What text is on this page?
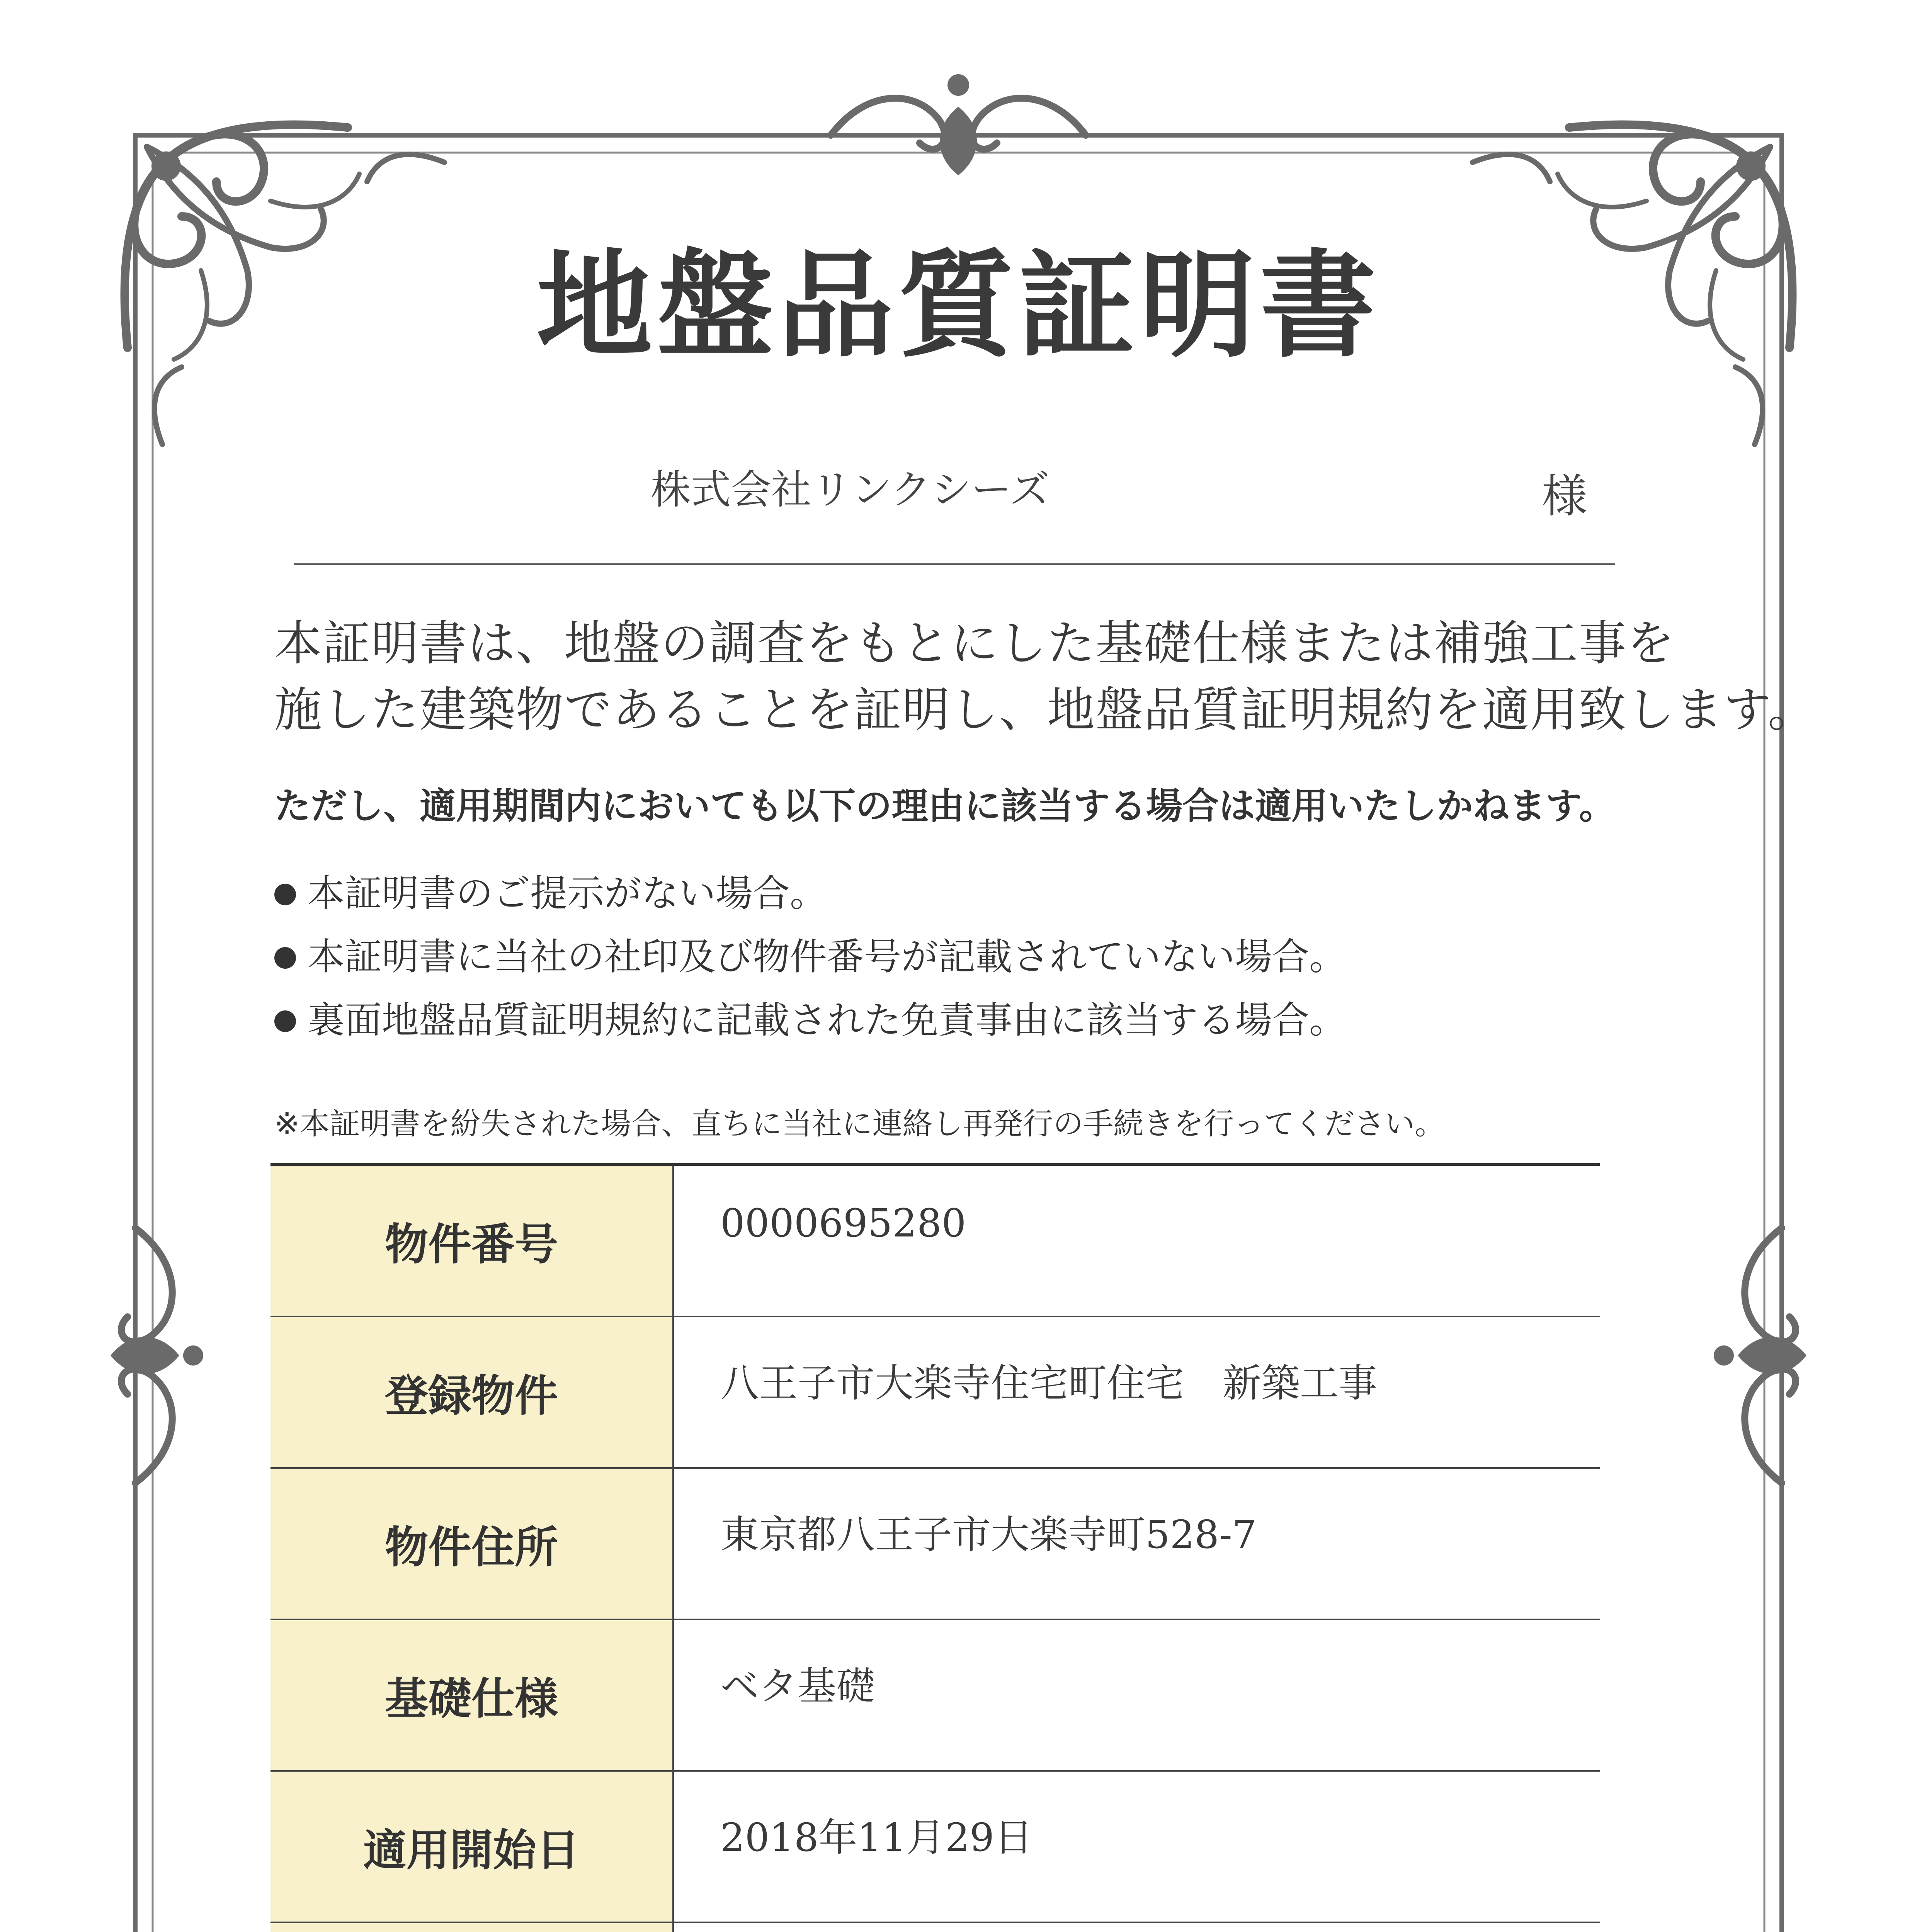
地盤品質証明書
株式会社リンクシーズ	様

本証明書は、地盤の調査をもとにした基礎仕様または補強工事を

施した建築物であることを証明し、地盤品質証明規約を適用致します。

ただし、適用期間内においても以下の理由に該当する場合は適用いたしかねます。
本証明書のご提示がない場合。
本証明書に当社の社印及び物件番号が記載されていない場合。
裏面地盤品質証明規約に記載された免責事由に該当する場合。
※本証明書を紛失された場合、直ちに当社に連絡し再発行の手続きを行ってください。
物件番号	0000695280
登録物件	八王子市大楽寺住宅町住宅　新築工事
物件住所	東京都八王子市大楽寺町528-7
基礎仕様	ベタ基礎
適用開始日	2018年11月29日
